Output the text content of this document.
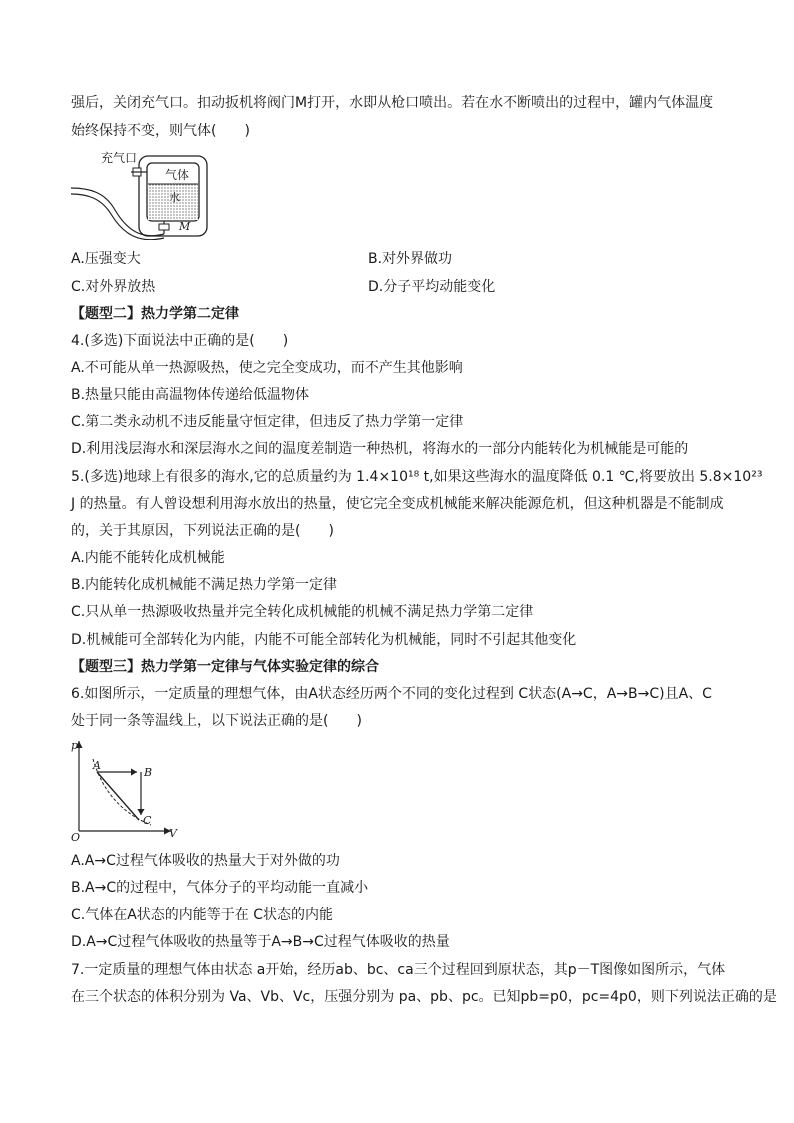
强后，关闭充气口。扣动扳机将阀门M打开，水即从枪口喷出。若在水不断喷出的过程中，罐内气体温度
始终保持不变，则气体(　　)
充气口
气体
水
M
A.压强变大	B.对外界做功
C.对外界放热	D.分子平均动能变化
【题型二】热力学第二定律
4.(多选)下面说法中正确的是(　　)
A.不可能从单一热源吸热，使之完全变成功，而不产生其他影响
B.热量只能由高温物体传递给低温物体
C.第二类永动机不违反能量守恒定律，但违反了热力学第一定律
D.利用浅层海水和深层海水之间的温度差制造一种热机，将海水的一部分内能转化为机械能是可能的
5.(多选)地球上有很多的海水,它的总质量约为 1.4×10¹⁸ t,如果这些海水的温度降低 0.1 ℃,将要放出 5.8×10²³
J 的热量。有人曾设想利用海水放出的热量，使它完全变成机械能来解决能源危机，但这种机器是不能制成
的，关于其原因，下列说法正确的是(　　)
A.内能不能转化成机械能
B.内能转化成机械能不满足热力学第一定律
C.只从单一热源吸收热量并完全转化成机械能的机械不满足热力学第二定律
D.机械能可全部转化为内能，内能不可能全部转化为机械能，同时不引起其他变化
【题型三】热力学第一定律与气体实验定律的综合
6.如图所示，一定质量的理想气体，由A状态经历两个不同的变化过程到 C状态(A→C，A→B→C)且A、C
处于同一条等温线上，以下说法正确的是(　　)
p
V
O
A
B
C
A.A→C过程气体吸收的热量大于对外做的功
B.A→C的过程中，气体分子的平均动能一直减小
C.气体在A状态的内能等于在 C状态的内能
D.A→C过程气体吸收的热量等于A→B→C过程气体吸收的热量
7.一定质量的理想气体由状态 a开始，经历ab、bc、ca三个过程回到原状态，其p－T图像如图所示，气体
在三个状态的体积分别为 Va、Vb、Vc，压强分别为 pa、pb、pc。已知pb=p0，pc=4p0，则下列说法正确的是
